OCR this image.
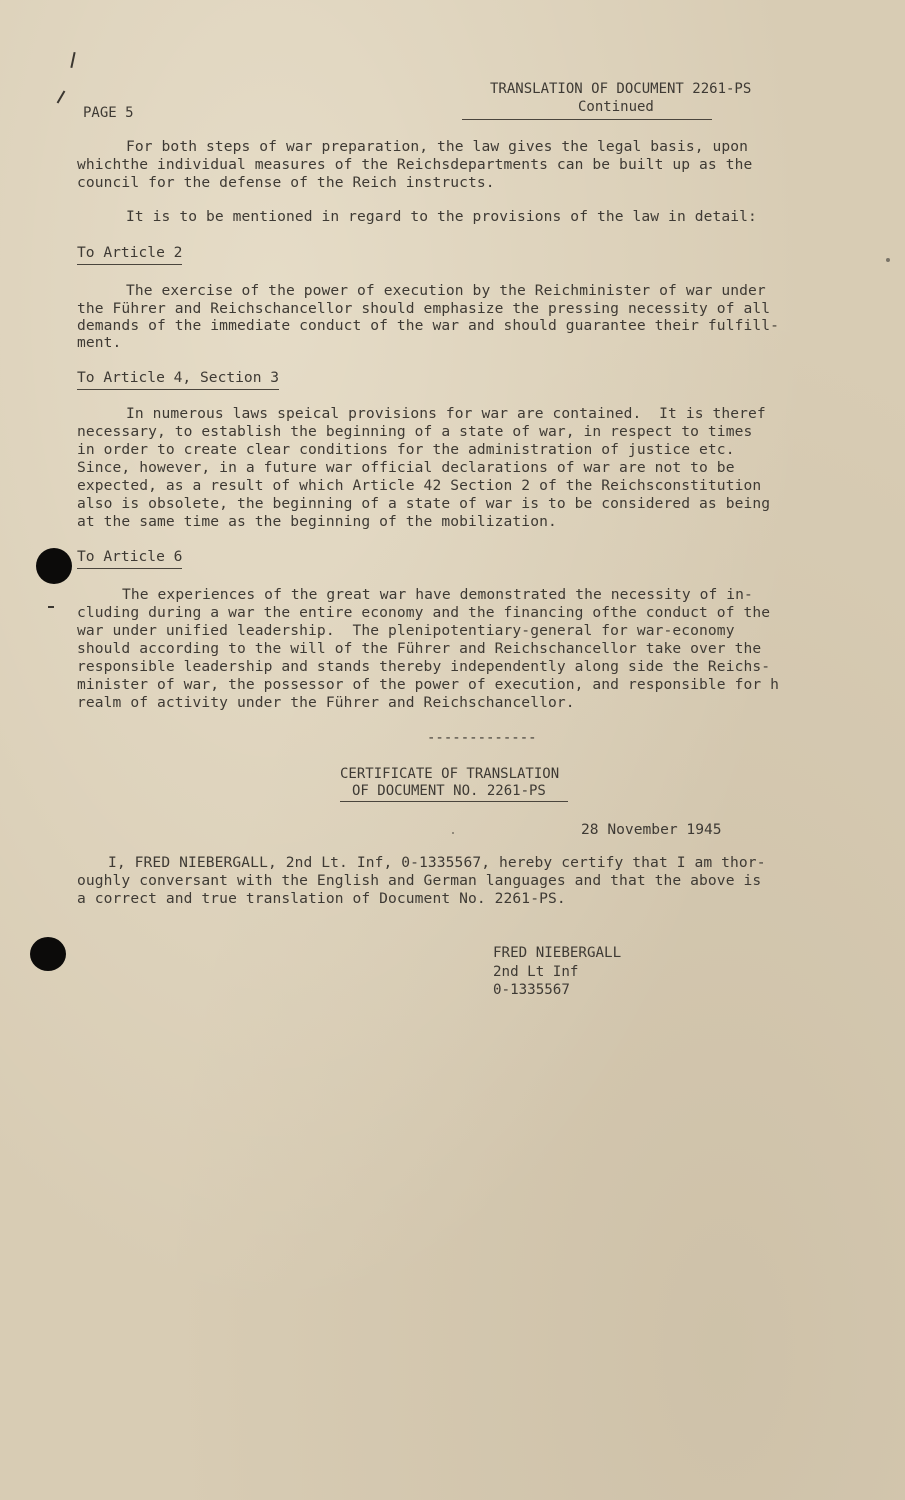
TRANSLATION OF DOCUMENT 2261-PS
Continued
PAGE 5
For both steps of war preparation, the law gives the legal basis, upon
whichthe individual measures of the Reichsdepartments can be built up as the
council for the defense of the Reich instructs.
It is to be mentioned in regard to the provisions of the law in detail:
To Article 2
The exercise of the power of execution by the Reichminister of war under
the Führer and Reichschancellor should emphasize the pressing necessity of all
demands of the immediate conduct of the war and should guarantee their fulfill-
ment.
To Article 4, Section 3
In numerous laws speical provisions for war are contained.  It is theref
necessary, to establish the beginning of a state of war, in respect to times
in order to create clear conditions for the administration of justice etc.
Since, however, in a future war official declarations of war are not to be
expected, as a result of which Article 42 Section 2 of the Reichsconstitution
also is obsolete, the beginning of a state of war is to be considered as being
at the same time as the beginning of the mobilization.
To Article 6
The experiences of the great war have demonstrated the necessity of in-
cluding during a war the entire economy and the financing ofthe conduct of the
war under unified leadership.  The plenipotentiary-general for war-economy
should according to the will of the Führer and Reichschancellor take over the
responsible leadership and stands thereby independently along side the Reichs-
minister of war, the possessor of the power of execution, and responsible for h
realm of activity under the Führer and Reichschancellor.
-------------
CERTIFICATE OF TRANSLATION
OF DOCUMENT NO. 2261-PS
28 November 1945
I, FRED NIEBERGALL, 2nd Lt. Inf, 0-1335567, hereby certify that I am thor-
oughly conversant with the English and German languages and that the above is
a correct and true translation of Document No. 2261-PS.
FRED NIEBERGALL
2nd Lt Inf
0-1335567
